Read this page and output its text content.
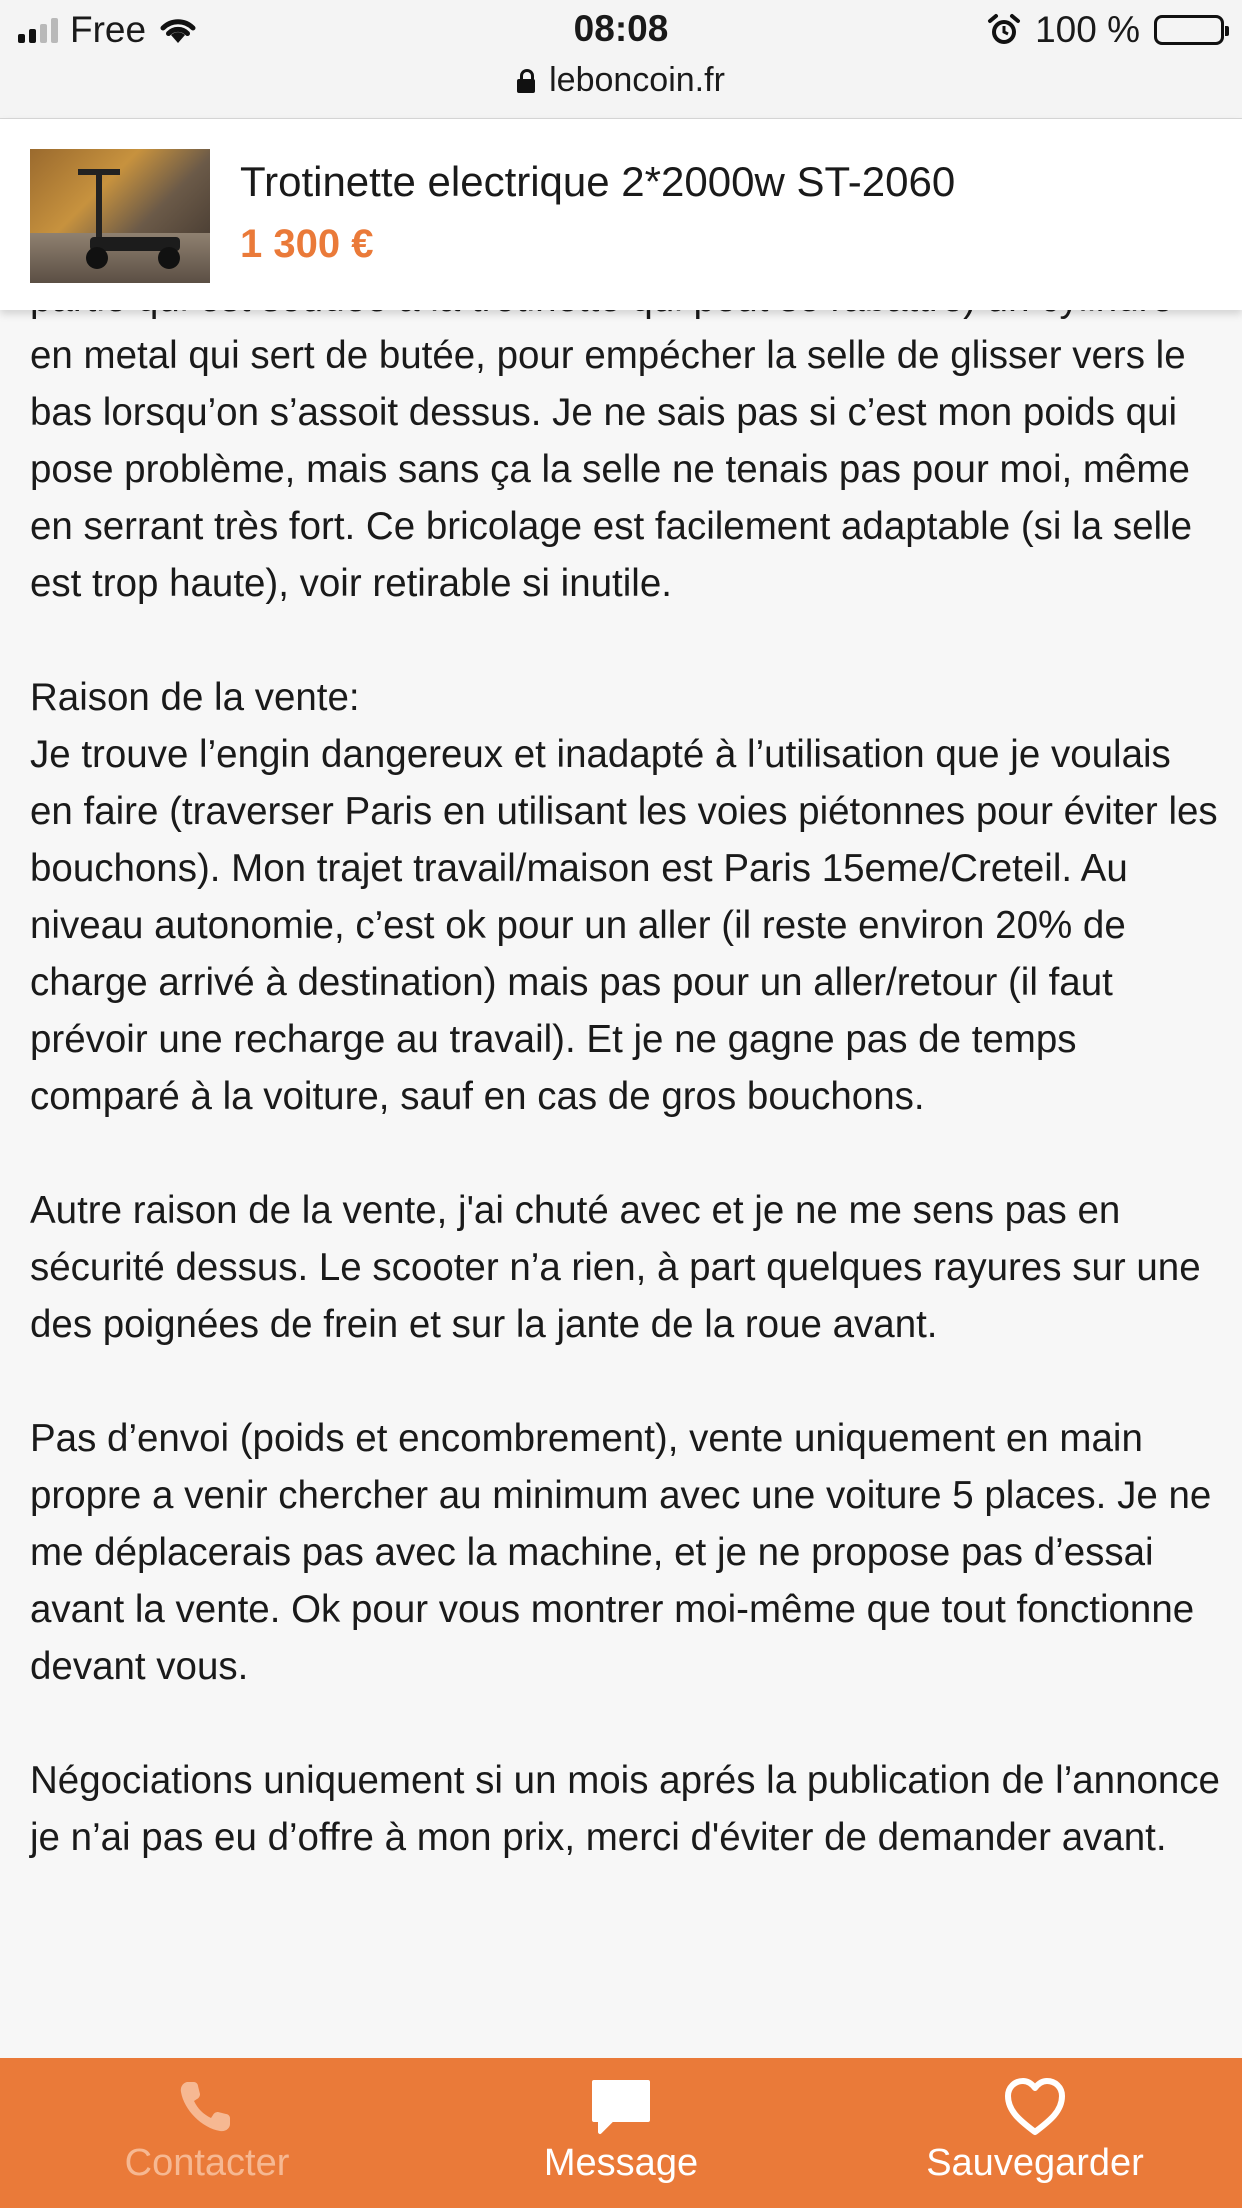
Free	08:08	100 %
leboncoin.fr
Trotinette electrique 2*2000w ST-2060
1 300 €

en metal qui sert de butée, pour empécher la selle de glisser vers le bas lorsqu’on s’assoit dessus. Je ne sais pas si c’est mon poids qui pose problème, mais sans ça la selle ne tenais pas pour moi, même en serrant très fort. Ce bricolage est facilement adaptable (si la selle est trop haute), voir retirable si inutile.

Raison de la vente:
Je trouve l’engin dangereux et inadapté à l’utilisation que je voulais en faire (traverser Paris en utilisant les voies piétonnes pour éviter les bouchons). Mon trajet travail/maison est Paris 15eme/Creteil. Au niveau autonomie, c’est ok pour un aller (il reste environ 20% de charge arrivé à destination) mais pas pour un aller/retour (il faut prévoir une recharge au travail). Et je ne gagne pas de temps comparé à la voiture, sauf en cas de gros bouchons.

Autre raison de la vente, j'ai chuté avec et je ne me sens pas en sécurité dessus. Le scooter n’a rien, à part quelques rayures sur une des poignées de frein et sur la jante de la roue avant.

Pas d’envoi (poids et encombrement), vente uniquement en main propre a venir chercher au minimum avec une voiture 5 places. Je ne me déplacerais pas avec la machine, et je ne propose pas d’essai avant la vente. Ok pour vous montrer moi-même que tout fonctionne devant vous.

Négociations uniquement si un mois aprés la publication de l’annonce je n’ai pas eu d’offre à mon prix, merci d'éviter de demander avant.

Contacter	Message	Sauvegarder
